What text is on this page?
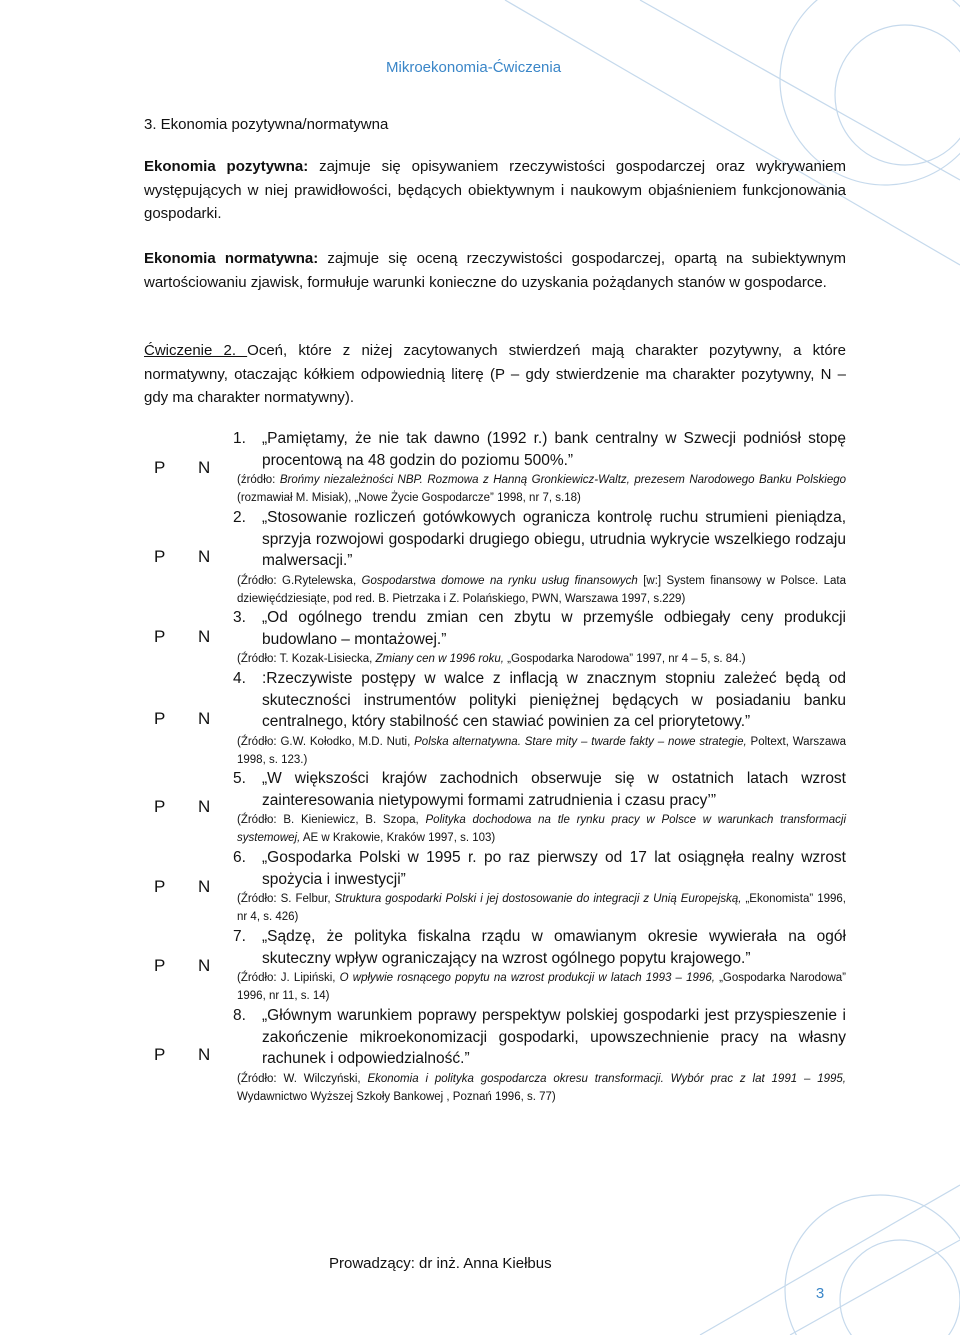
Mikroekonomia-Ćwiczenia
3. Ekonomia pozytywna/normatywna
Ekonomia pozytywna: zajmuje się opisywaniem rzeczywistości gospodarczej oraz wykrywaniem występujących w niej prawidłowości, będących obiektywnym i naukowym objaśnieniem funkcjonowania gospodarki.
Ekonomia normatywna: zajmuje się oceną rzeczywistości gospodarczej, opartą na subiektywnym wartościowaniu zjawisk, formułuje warunki konieczne do uzyskania pożądanych stanów w gospodarce.
Ćwiczenie 2. Oceń, które z niżej zacytowanych stwierdzeń mają charakter pozytywny, a które normatywny, otaczając kółkiem odpowiednią literę (P – gdy stwierdzenie ma charakter pozytywny, N – gdy ma charakter normatywny).
P N
P N
P N
P N
P N
P N
P N
P N
1.	„Pamiętamy, że nie tak dawno (1992 r.) bank centralny w Szwecji podniósł stopę procentową na 48 godzin do poziomu 500%.”
(źródło: Brońmy niezależności NBP. Rozmowa z Hanną Gronkiewicz-Waltz, prezesem Narodowego Banku Polskiego (rozmawiał M. Misiak), „Nowe Życie Gospodarcze” 1998, nr 7, s.18)
2.	„Stosowanie rozliczeń gotówkowych ogranicza kontrolę ruchu strumieni pieniądza, sprzyja rozwojowi gospodarki drugiego obiegu, utrudnia wykrycie wszelkiego rodzaju malwersacji.”
(Źródło: G.Rytelewska, Gospodarstwa domowe na rynku usług finansowych [w:] System finansowy w Polsce. Lata dziewięćdziesiąte, pod red. B. Pietrzaka i Z. Polańskiego, PWN, Warszawa 1997, s.229)
3.	„Od ogólnego trendu zmian cen zbytu w przemyśle odbiegały ceny produkcji budowlano – montażowej.”
(Źródło: T. Kozak-Lisiecka, Zmiany cen w 1996 roku, „Gospodarka Narodowa” 1997, nr 4 – 5, s. 84.)
4.	:Rzeczywiste postępy w walce z inflacją w znacznym stopniu zależeć będą od skuteczności instrumentów polityki pieniężnej będących w posiadaniu banku centralnego, który stabilność cen stawiać powinien za cel priorytetowy.”
(Źródło: G.W. Kołodko, M.D. Nuti, Polska alternatywna. Stare mity – twarde fakty – nowe strategie, Poltext, Warszawa 1998, s. 123.)
5.	„W większości krajów zachodnich obserwuje się w ostatnich latach wzrost zainteresowania nietypowymi formami zatrudnienia i czasu pracy’”
(Źródło: B. Kieniewicz, B. Szopa, Polityka dochodowa na tle rynku pracy w Polsce w warunkach transformacji systemowej, AE w Krakowie, Kraków 1997, s. 103)
6.	„Gospodarka Polski w 1995 r. po raz pierwszy od 17 lat osiągnęła realny wzrost spożycia i inwestycji”
(Źródło: S. Felbur, Struktura gospodarki Polski i jej dostosowanie do integracji z Unią Europejską, „Ekonomista” 1996, nr 4, s. 426)
7.	„Sądzę, że polityka fiskalna rządu w omawianym okresie wywierała na ogół skuteczny wpływ ograniczający na wzrost ogólnego popytu krajowego.”
(Źródło: J. Lipiński, O wpływie rosnącego popytu na wzrost produkcji w latach 1993 – 1996, „Gospodarka Narodowa” 1996, nr 11, s. 14)
8.	„Głównym warunkiem poprawy perspektyw polskiej gospodarki jest przyspieszenie i zakończenie mikroekonomizacji gospodarki, upowszechnienie pracy na własny rachunek i odpowiedzialność.”
(Źródło: W. Wilczyński, Ekonomia i polityka gospodarcza okresu transformacji. Wybór prac z lat 1991 – 1995, Wydawnictwo Wyższej Szkoły Bankowej , Poznań 1996, s. 77)
Prowadzący: dr inż. Anna Kiełbus
3
